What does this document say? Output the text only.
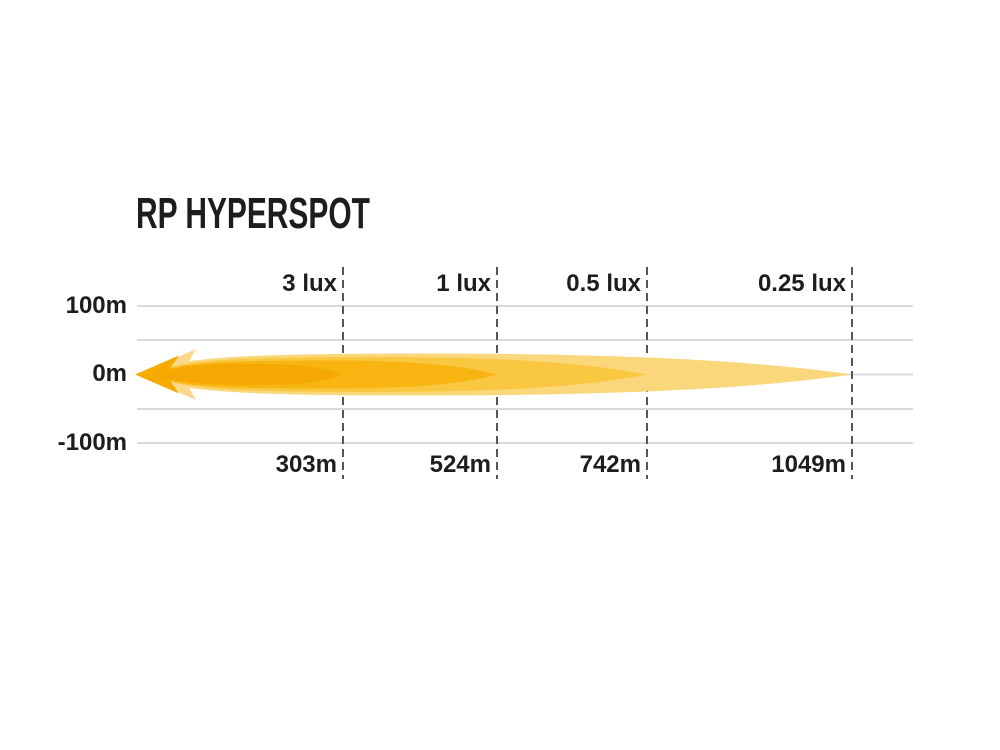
RP HYPERSPOT
3 lux	1 lux	0.5 lux	0.25 lux
303m	524m	742m	1049m
100m
0m
-100m
